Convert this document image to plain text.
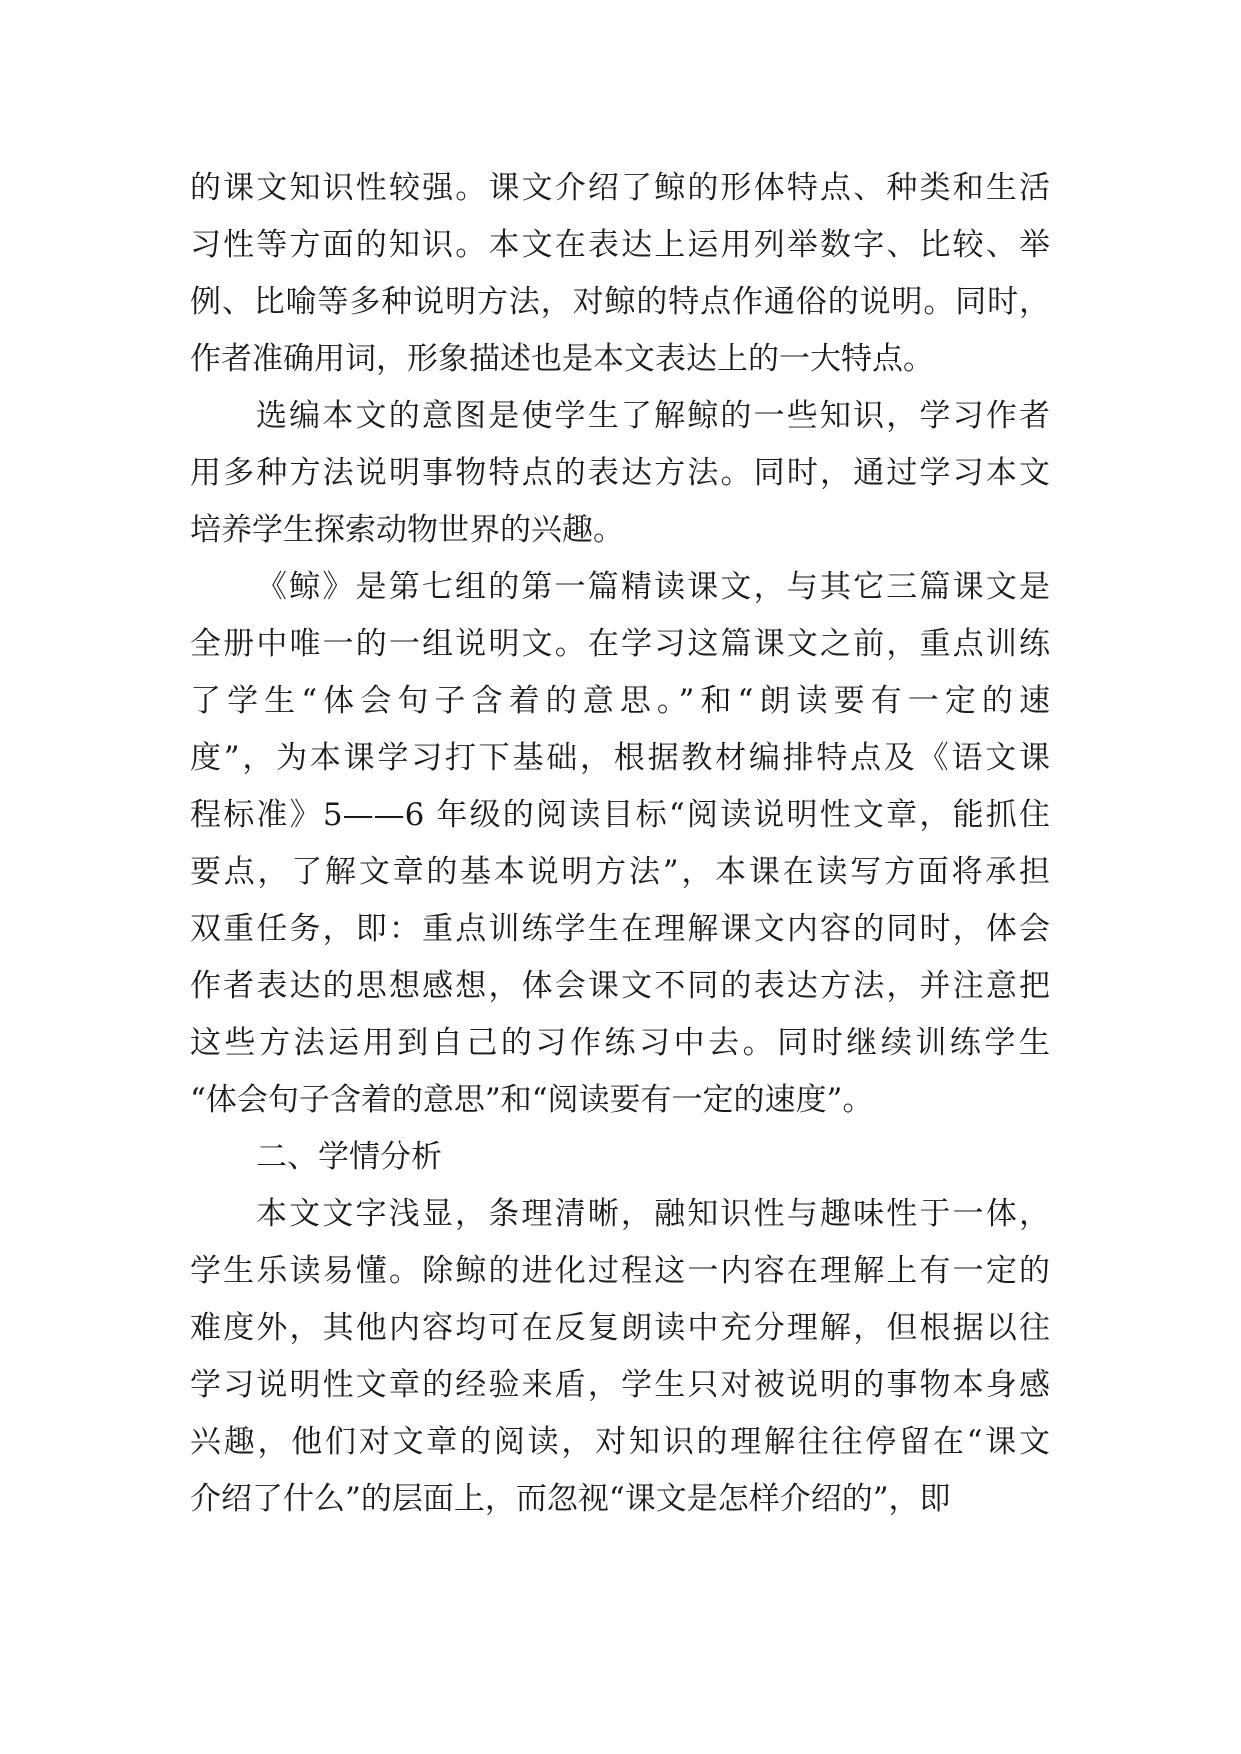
的课文知识性较强。课文介绍了鲸的形体特点、种类和生活
习性等方面的知识。本文在表达上运用列举数字、比较、举
例、比喻等多种说明方法，对鲸的特点作通俗的说明。同时，
作者准确用词，形象描述也是本文表达上的一大特点。
选编本文的意图是使学生了解鲸的一些知识，学习作者
用多种方法说明事物特点的表达方法。同时，通过学习本文
培养学生探索动物世界的兴趣。
《鲸》是第七组的第一篇精读课文，与其它三篇课文是
全册中唯一的一组说明文。在学习这篇课文之前，重点训练
了学生“体会句子含着的意思。”和“朗读要有一定的速
度”，为本课学习打下基础，根据教材编排特点及《语文课
程标准》5——6 年级的阅读目标“阅读说明性文章，能抓住
要点，了解文章的基本说明方法”，本课在读写方面将承担
双重任务，即：重点训练学生在理解课文内容的同时，体会
作者表达的思想感想，体会课文不同的表达方法，并注意把
这些方法运用到自己的习作练习中去。同时继续训练学生
“体会句子含着的意思”和“阅读要有一定的速度”。
二、学情分析
本文文字浅显，条理清晰，融知识性与趣味性于一体，
学生乐读易懂。除鲸的进化过程这一内容在理解上有一定的
难度外，其他内容均可在反复朗读中充分理解，但根据以往
学习说明性文章的经验来盾，学生只对被说明的事物本身感
兴趣，他们对文章的阅读，对知识的理解往往停留在“课文
介绍了什么”的层面上，而忽视“课文是怎样介绍的”，即
